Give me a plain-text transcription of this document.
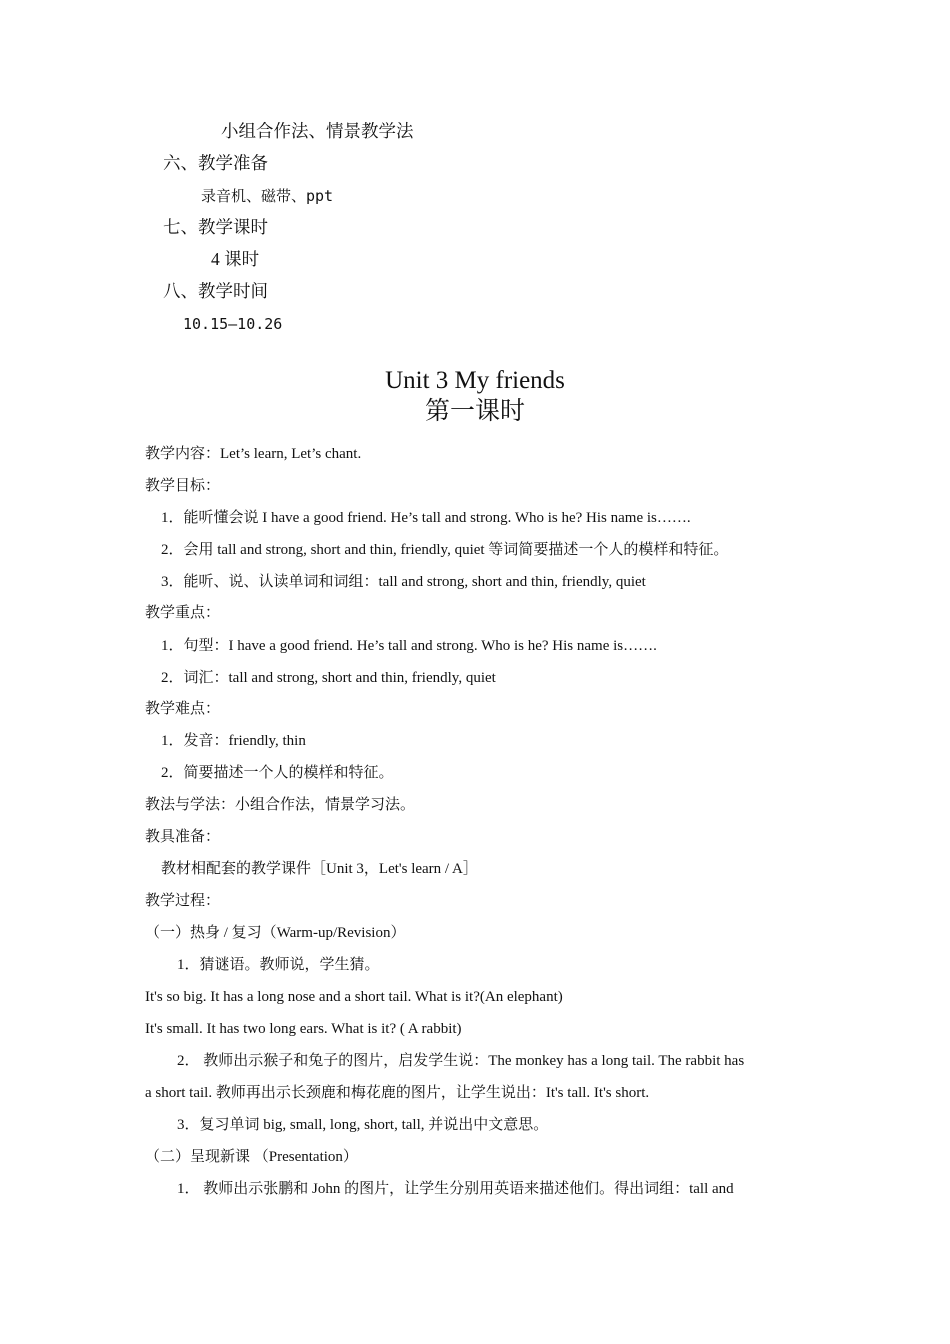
小组合作法、情景教学法
六、教学准备
录音机、磁带、ppt
七、教学课时
4 课时
八、教学时间
10.15—10.26
Unit 3 My friends
第一课时
教学内容：Let’s learn, Let’s chant.
教学目标：
1．能听懂会说 I have a good friend. He’s tall and strong. Who is he? His name is…….
2．会用 tall and strong, short and thin, friendly, quiet 等词简要描述一个人的模样和特征。
3．能听、说、认读单词和词组：tall and strong, short and thin, friendly, quiet
教学重点：
1．句型：I have a good friend. He’s tall and strong. Who is he? His name is…….
2．词汇：tall and strong, short and thin, friendly, quiet
教学难点：
1．发音：friendly, thin
2．简要描述一个人的模样和特征。
教法与学法：小组合作法，情景学习法。
教具准备：
教材相配套的教学课件［Unit 3，Let's learn / A］
教学过程：
（一）热身 / 复习（Warm-up/Revision）
1．猜谜语。教师说，学生猜。
It's so big. It has a long nose and a short tail. What is it?(An elephant)
It's small. It has two long ears. What is it? ( A rabbit)
2． 教师出示猴子和兔子的图片，启发学生说：The monkey has a long tail. The rabbit has
a short tail. 教师再出示长颈鹿和梅花鹿的图片，让学生说出：It's tall. It's short.
3．复习单词 big, small, long, short, tall, 并说出中文意思。
（二）呈现新课 （Presentation）
1． 教师出示张鹏和 John 的图片，让学生分别用英语来描述他们。得出词组：tall and
